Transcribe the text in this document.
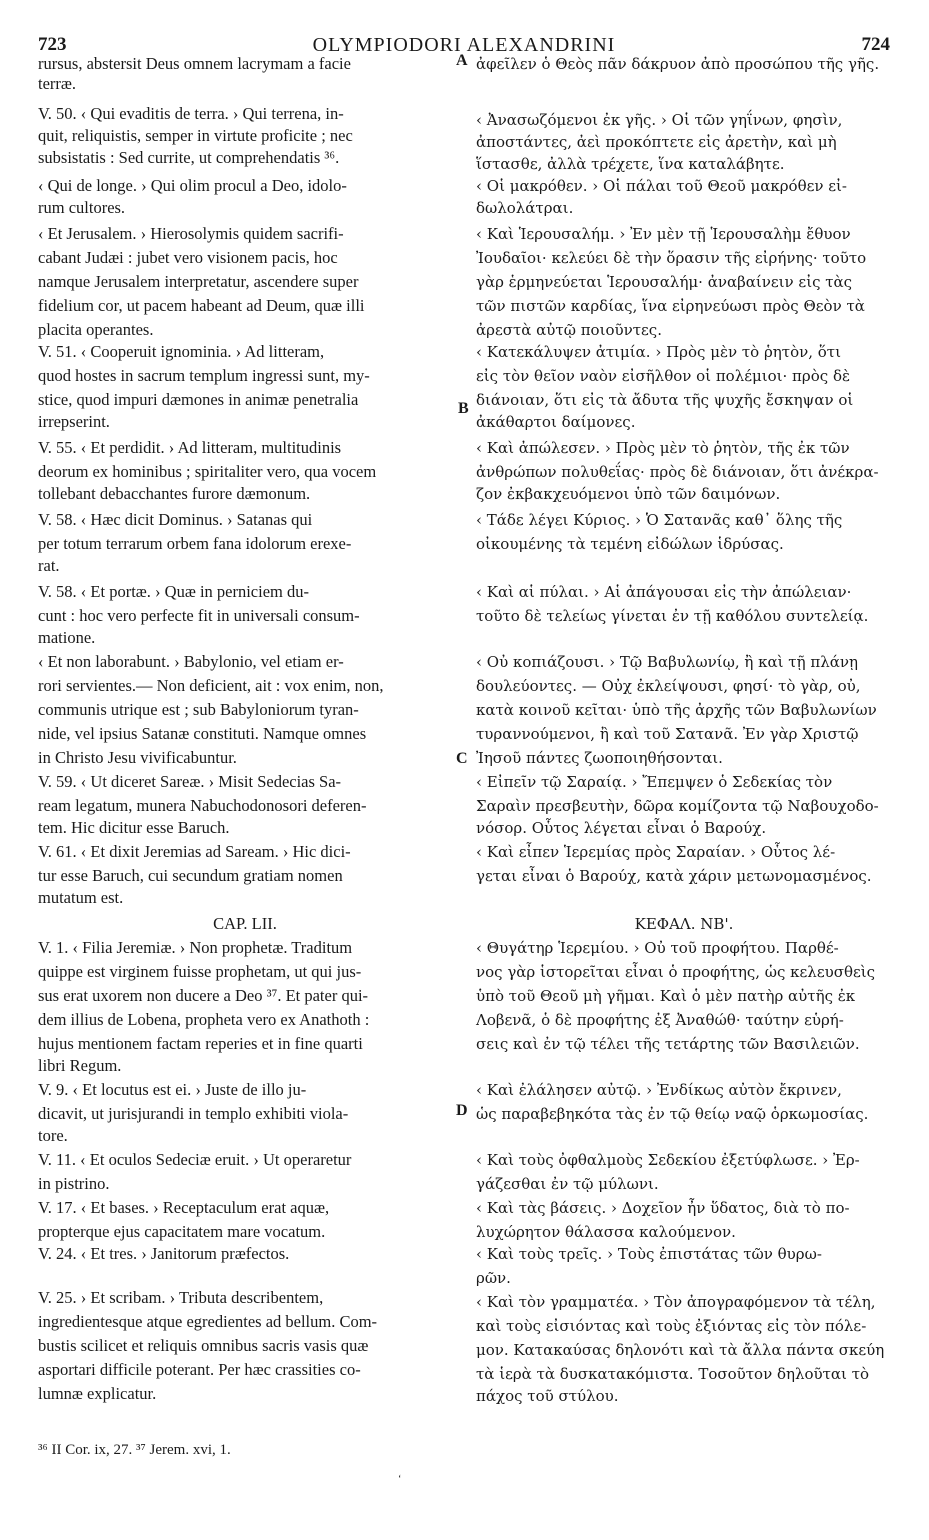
723	OLYMPIODORI ALEXANDRINI	724
rursus, abstersit Deus omnem lacrymam a facie
terræ.
V. 50. ‹ Qui evaditis de terra. › Qui terrena, in-
quit, reliquistis, semper in virtute proficite ; nec
subsistatis : Sed currite, ut comprehendatis ³⁶.
‹ Qui de longe. › Qui olim procul a Deo, idolo-
rum cultores.
‹ Et Jerusalem. › Hierosolymis quidem sacrifi-
cabant Judæi : jubet vero visionem pacis, hoc
namque Jerusalem interpretatur, ascendere super
fidelium cor, ut pacem habeant ad Deum, quæ illi
placita operantes.
V. 51. ‹ Cooperuit ignominia. › Ad litteram,
quod hostes in sacrum templum ingressi sunt, my-
stice, quod impuri dæmones in animæ penetralia
irrepserint.
V. 55. ‹ Et perdidit. › Ad litteram, multitudinis
deorum ex hominibus ; spiritaliter vero, qua vocem
tollebant debacchantes furore dæmonum.
V. 58. ‹ Hæc dicit Dominus. › Satanas qui
per totum terrarum orbem fana idolorum erexe-
rat.
V. 58. ‹ Et portæ. › Quæ in perniciem du-
cunt : hoc vero perfecte fit in universali consum-
matione.
‹ Et non laborabunt. › Babylonio, vel etiam er-
rori servientes.— Non deficient, ait : vox enim, non,
communis utrique est ; sub Babyloniorum tyran-
nide, vel ipsius Satanæ constituti. Namque omnes
in Christo Jesu vivificabuntur.
V. 59. ‹ Ut diceret Sareæ. › Misit Sedecias Sa-
ream legatum, munera Nabuchodonosori deferen-
tem. Hic dicitur esse Baruch.
V. 61. ‹ Et dixit Jeremias ad Saream. › Hic dici-
tur esse Baruch, cui secundum gratiam nomen
mutatum est.
CAP. LII.
V. 1. ‹ Filia Jeremiæ. › Non prophetæ. Traditum
quippe est virginem fuisse prophetam, ut qui jus-
sus erat uxorem non ducere a Deo ³⁷. Et pater qui-
dem illius de Lobena, propheta vero ex Anathoth :
hujus mentionem factam reperies et in fine quarti
libri Regum.
V. 9. ‹ Et locutus est ei. › Juste de illo ju-
dicavit, ut jurisjurandi in templo exhibiti viola-
tore.
V. 11. ‹ Et oculos Sedeciæ eruit. › Ut operaretur
in pistrino.
V. 17. ‹ Et bases. › Receptaculum erat aquæ,
propterque ejus capacitatem mare vocatum.
V. 24. ‹ Et tres. › Janitorum præfectos.
V. 25. › Et scribam. › Tributa describentem,
ingredientesque atque egredientes ad bellum. Com-
bustis scilicet et reliquis omnibus sacris vasis quæ
asportari difficile poterant. Per hæc crassities co-
lumnæ explicatur.
ἀφεῖλεν ὁ Θεὸς πᾶν δάκρυον ἀπὸ προσώπου τῆς γῆς.
‹ Ἀνασωζόμενοι ἐκ γῆς. › Οἱ τῶν γηΐνων, φησὶν,
ἀποστάντες, ἀεὶ προκόπτετε εἰς ἀρετὴν, καὶ μὴ
ἵστασθε, ἀλλὰ τρέχετε, ἵνα καταλάβητε.
‹ Οἱ μακρόθεν. › Οἱ πάλαι τοῦ Θεοῦ μακρόθεν εἰ-
δωλολάτραι.
‹ Καὶ Ἱερουσαλήμ. › Ἐν μὲν τῇ Ἱερουσαλὴμ ἔθυον
Ἰουδαῖοι· κελεύει δὲ τὴν ὅρασιν τῆς εἰρήνης· τοῦτο
γὰρ ἑρμηνεύεται Ἱερουσαλήμ· ἀναβαίνειν εἰς τὰς
τῶν πιστῶν καρδίας, ἵνα εἰρηνεύωσι πρὸς Θεὸν τὰ
ἀρεστὰ αὐτῷ ποιοῦντες.
‹ Κατεκάλυψεν ἀτιμία. › Πρὸς μὲν τὸ ῥητὸν, ὅτι
εἰς τὸν θεῖον ναὸν εἰσῆλθον οἱ πολέμιοι· πρὸς δὲ
διάνοιαν, ὅτι εἰς τὰ ἄδυτα τῆς ψυχῆς ἔσκηψαν οἱ
ἀκάθαρτοι δαίμονες.
‹ Καὶ ἀπώλεσεν. › Πρὸς μὲν τὸ ῥητὸν, τῆς ἐκ τῶν
ἀνθρώπων πολυθεΐας· πρὸς δὲ διάνοιαν, ὅτι ἀνέκρα-
ζον ἐκβακχευόμενοι ὑπὸ τῶν δαιμόνων.
‹ Τάδε λέγει Κύριος. › Ὁ Σατανᾶς καθ᾽ ὅλης τῆς
οἰκουμένης τὰ τεμένη εἰδώλων ἱδρύσας.
‹ Καὶ αἱ πύλαι. › Αἱ ἀπάγουσαι εἰς τὴν ἀπώλειαν·
τοῦτο δὲ τελείως γίνεται ἐν τῇ καθόλου συντελείᾳ.
‹ Οὐ κοπιάζουσι. › Τῷ Βαβυλωνίῳ, ἢ καὶ τῇ πλάνῃ
δουλεύοντες. — Οὐχ ἐκλείψουσι, φησί· τὸ γὰρ, οὐ,
κατὰ κοινοῦ κεῖται· ὑπὸ τῆς ἀρχῆς τῶν Βαβυλωνίων
τυραννούμενοι, ἢ καὶ τοῦ Σατανᾶ. Ἐν γὰρ Χριστῷ
Ἰησοῦ πάντες ζωοποιηθήσονται.
‹ Εἰπεῖν τῷ Σαραίᾳ. › Ἔπεμψεν ὁ Σεδεκίας τὸν
Σαραὶν πρεσβευτὴν, δῶρα κομίζοντα τῷ Ναβουχοδο-
νόσορ. Οὗτος λέγεται εἶναι ὁ Βαρούχ.
‹ Καὶ εἶπεν Ἱερεμίας πρὸς Σαραίαν. › Οὗτος λέ-
γεται εἶναι ὁ Βαρούχ, κατὰ χάριν μετωνομασμένος.
ΚΕΦΑΛ. ΝΒ'.
‹ Θυγάτηρ Ἱερεμίου. › Οὐ τοῦ προφήτου. Παρθέ-
νος γὰρ ἱστορεῖται εἶναι ὁ προφήτης, ὡς κελευσθεὶς
ὑπὸ τοῦ Θεοῦ μὴ γῆμαι. Καὶ ὁ μὲν πατὴρ αὐτῆς ἐκ
Λοβενᾶ, ὁ δὲ προφήτης ἐξ Ἀναθώθ· ταύτην εὑρή-
σεις καὶ ἐν τῷ τέλει τῆς τετάρτης τῶν Βασιλειῶν.
‹ Καὶ ἐλάλησεν αὐτῷ. › Ἐνδίκως αὐτὸν ἔκρινεν,
ὡς παραβεβηκότα τὰς ἐν τῷ θείῳ ναῷ ὁρκωμοσίας.
‹ Καὶ τοὺς ὀφθαλμοὺς Σεδεκίου ἐξετύφλωσε. › Ἐρ-
γάζεσθαι ἐν τῷ μύλωνι.
‹ Καὶ τὰς βάσεις. › Δοχεῖον ἦν ὕδατος, διὰ τὸ πο-
λυχώρητον θάλασσα καλούμενον.
‹ Καὶ τοὺς τρεῖς. › Τοὺς ἐπιστάτας τῶν θυρω-
ρῶν.
‹ Καὶ τὸν γραμματέα. › Τὸν ἀπογραφόμενον τὰ τέλη,
καὶ τοὺς εἰσιόντας καὶ τοὺς ἐξιόντας εἰς τὸν πόλε-
μον. Κατακαύσας δηλονότι καὶ τὰ ἄλλα πάντα σκεύη
τὰ ἱερὰ τὰ δυσκατακόμιστα. Τοσοῦτον δηλοῦται τὸ
πάχος τοῦ στύλου.
A
B
C
D
³⁶ II Cor. ix, 27. ³⁷ Jerem. xvi, 1.
ʻ
